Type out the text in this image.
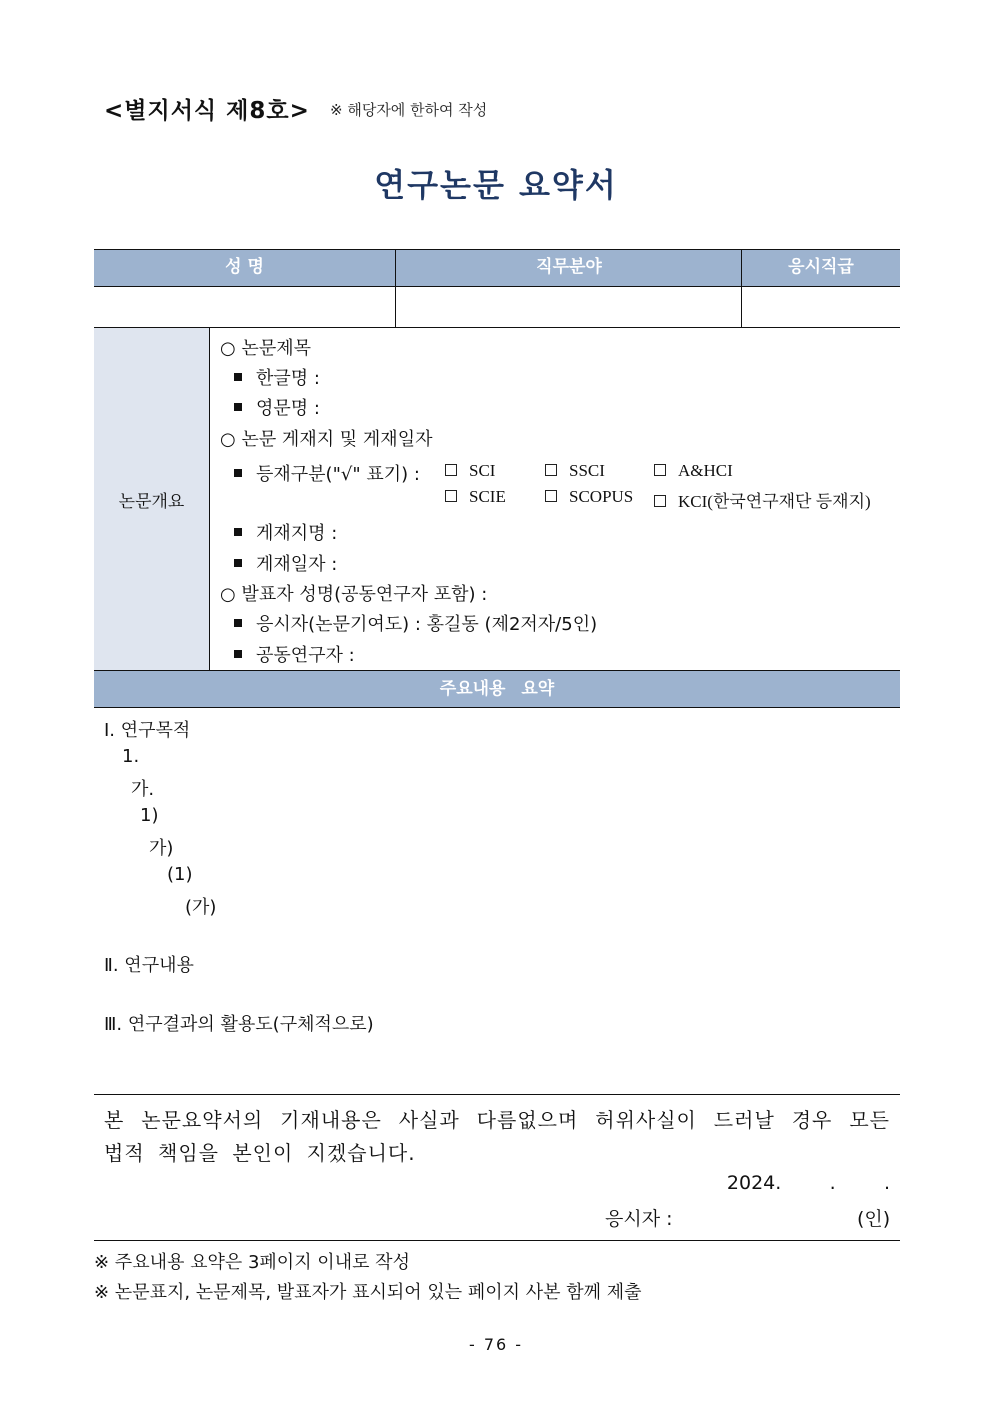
<별지서식 제8호> ※ 해당자에 한하여 작성
연구논문 요약서
성 명	직무분야	응시직급
논문개요
○ 논문제목
한글명 :
영문명 :
○ 논문 게재지 및 게재일자
등재구분("√" 표기) :	SCI	SSCI	A&HCI
SCIE	SCOPUS	KCI(한국연구재단 등재지)
게재지명 :
게재일자 :
○ 발표자 성명(공동연구자 포함) :
응시자(논문기여도) : 홍길동 (제2저자/5인)
공동연구자 :
주요내용 요약
Ⅰ. 연구목적
1.
가.
1)
가)
(1)
(가)
Ⅱ. 연구내용
Ⅲ. 연구결과의 활용도(구체적으로)
본 논문요약서의 기재내용은 사실과 다름없으며 허위사실이 드러날 경우 모든 법적 책임을 본인이 지겠습니다.
2024.        .        .
응시자 :	(인)
※ 주요내용 요약은 3페이지 이내로 작성
※ 논문표지, 논문제목, 발표자가 표시되어 있는 페이지 사본 함께 제출
- 76 -
